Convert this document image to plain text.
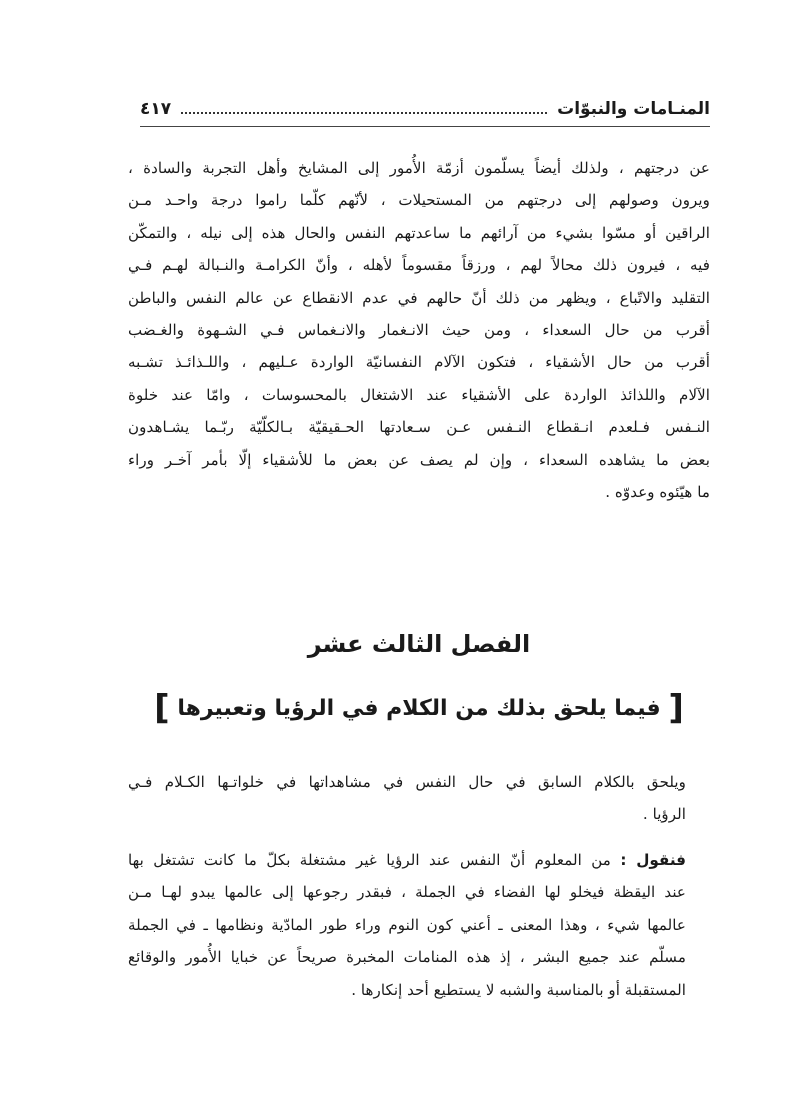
المنـامات والنبوّات
٤١٧
عن درجتهم ، ولذلك أيضاً يسلّمون أزمّة الأُمور إلى المشايخ وأهل التجربة والسادة ،
ويرون وصولهم إلى درجتهم من المستحيلات ، لأنّهم كلّما راموا درجة واحـد مـن
الراقين أو مسّوا بشيء من آرائهم ما ساعدتهم النفس والحال هذه إلى نيله ، والتمكّن
فيه ، فيرون ذلك محالاً لهم ، ورزقاً مقسوماً لأهله ، وأنّ الكرامـة والنـبالة لهـم فـي
التقليد والاتّباع ، ويظهر من ذلك أنّ حالهم في عدم الانقطاع عن عالم النفس والباطن
أقرب من حال السعداء ، ومن حيث الانـغمار والانـغماس فـي الشـهوة والغـضب
أقرب من حال الأشقياء ، فتكون الآلام النفسانيّة الواردة عـليهم ، واللـذائـذ تشـبه
الآلام واللذائذ الواردة على الأشقياء عند الاشتغال بالمحسوسات ، وامّا عند خلوة
النـفس فـلعدم انـقطاع النـفس عـن سـعادتها الحـقيقيّة بـالكلّيّة ربّـما يشـاهدون
بعض ما يشاهده السعداء ، وإن لم يصف عن بعض ما للأشقياء إلّا بأمر آخـر وراء
ما هيّئوه وعدوّه .
الفصل الثالث عشر
[ فيما يلحق بذلك من الكلام في الرؤيا وتعبيرها ]
ويلحق بالكلام السابق في حال النفس في مشاهداتها في خلواتـها الكـلام فـي
الرؤيا .
فنقول : من المعلوم أنّ النفس عند الرؤيا غير مشتغلة بكلّ ما كانت تشتغل بها
عند اليقظة فيخلو لها الفضاء في الجملة ، فبقدر رجوعها إلى عالمها يبدو لهـا مـن
عالمها شيء ، وهذا المعنى ـ أعني كون النوم وراء طور المادّية ونظامها ـ في الجملة
مسلّم عند جميع البشر ، إذ هذه المنامات المخبرة صريحاً عن خبايا الأُمور والوقائع
المستقبلة أو بالمناسبة والشبه لا يستطيع أحد إنكارها .
